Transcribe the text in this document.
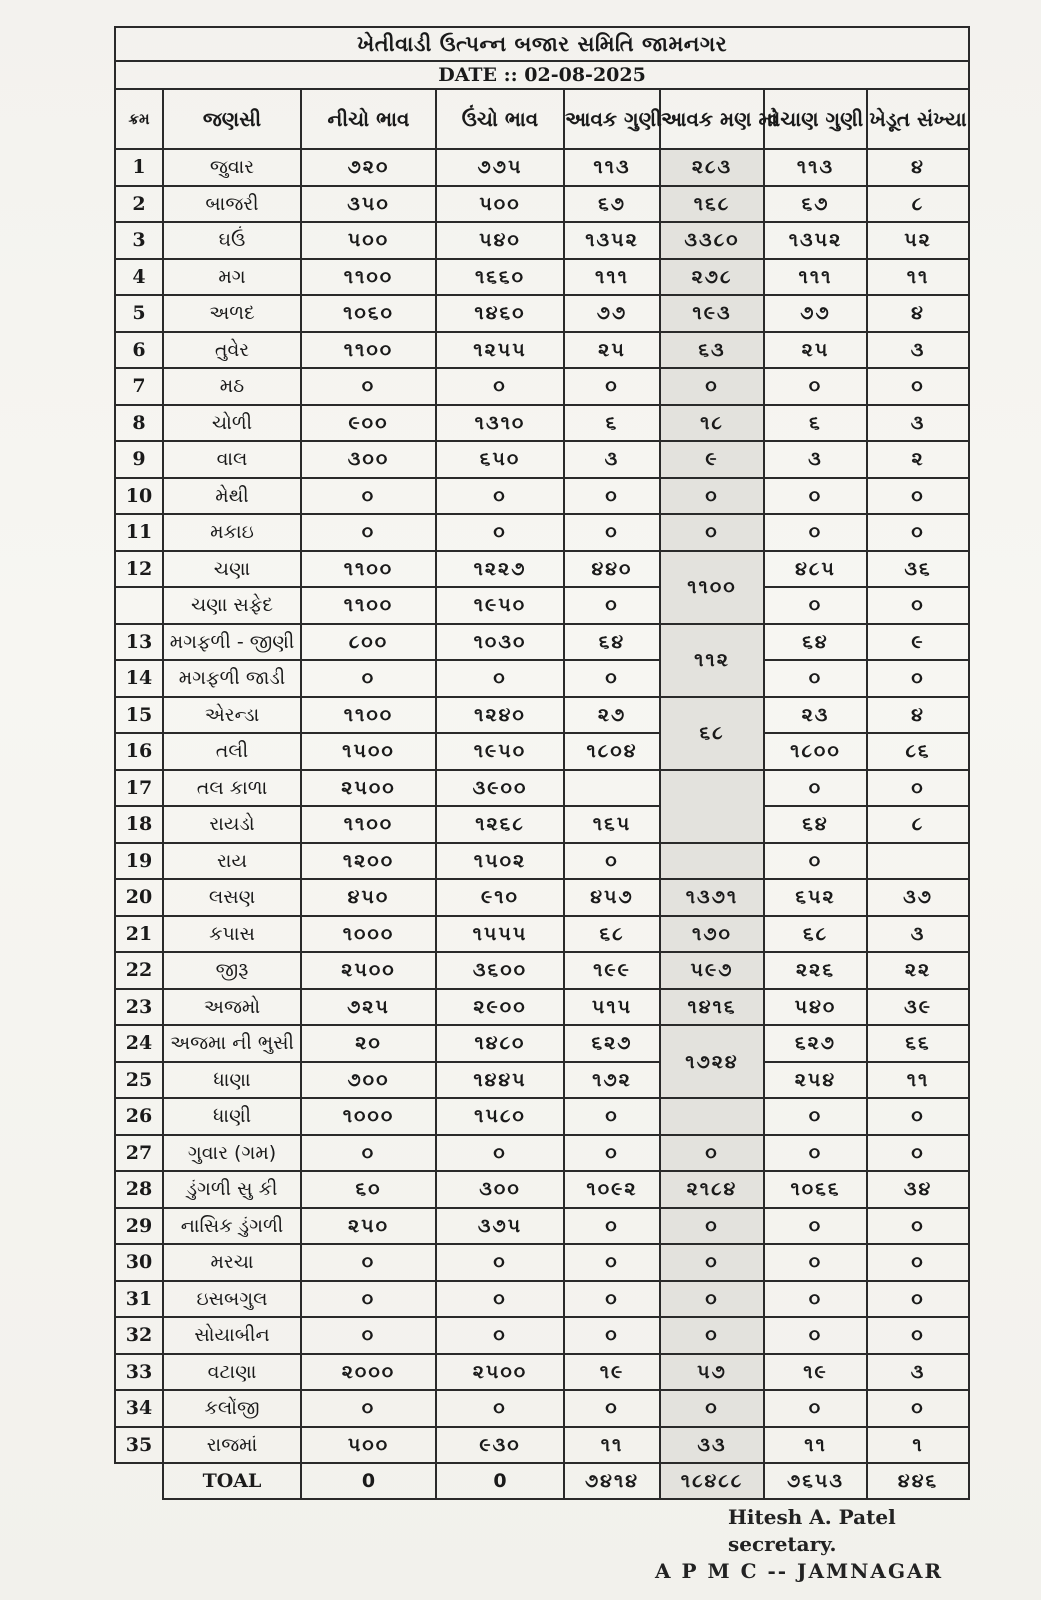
ખેતીવાડી ઉત્પન્ન બજાર સમિતિ જામનગર							
DATE :: 02-08-2025							
ક્રમ	જણસી	નીચો ભાવ	ઉંચો ભાવ	આવક ગુણી	આવક મણ માં	વેચાણ ગુણી	ખેડૂત સંખ્યા
1	જુવાર	૭૨૦	૭૭૫	૧૧૩	૨૮૩	૧૧૩	૪
2	બાજરી	૩૫૦	૫૦૦	૬૭	૧૬૮	૬૭	૮
3	ઘઉં	૫૦૦	૫૪૦	૧૩૫૨	૩૩૮૦	૧૩૫૨	૫૨
4	મગ	૧૧૦૦	૧૬૬૦	૧૧૧	૨૭૮	૧૧૧	૧૧
5	અળદ	૧૦૬૦	૧૪૬૦	૭૭	૧૯૩	૭૭	૪
6	તુવેર	૧૧૦૦	૧૨૫૫	૨૫	૬૩	૨૫	૩
7	મઠ	૦	૦	૦	૦	૦	૦
8	ચોળી	૯૦૦	૧૩૧૦	૬	૧૮	૬	૩
9	વાલ	૩૦૦	૬૫૦	૩	૯	૩	૨
10	મેથી	૦	૦	૦	૦	૦	૦
11	મકાઇ	૦	૦	૦	૦	૦	૦
12	ચણા	૧૧૦૦	૧૨૨૭	૪૪૦	૧૧૦૦	૪૮૫	૩૬
	ચણા સફેદ	૧૧૦૦	૧૯૫૦	૦		૦	૦
13	મગફળી - જીણી	૮૦૦	૧૦૩૦	૬૪	૧૧૨	૬૪	૯
14	મગફળી જાડી	૦	૦	૦		૦	૦
15	એરન્ડા	૧૧૦૦	૧૨૪૦	૨૭	૬૮	૨૩	૪
16	તલી	૧૫૦૦	૧૯૫૦	૧૮૦૪		૧૮૦૦	૮૬
17	તલ કાળા	૨૫૦૦	૩૯૦૦			૦	૦
18	રાયડો	૧૧૦૦	૧૨૬૮	૧૬૫		૬૪	૮
19	રાય	૧૨૦૦	૧૫૦૨	૦		૦	
20	લસણ	૪૫૦	૯૧૦	૪૫૭	૧૩૭૧	૬૫૨	૩૭
21	કપાસ	૧૦૦૦	૧૫૫૫	૬૮	૧૭૦	૬૮	૩
22	જીરૂ	૨૫૦૦	૩૬૦૦	૧૯૯	૫૯૭	૨૨૬	૨૨
23	અજમો	૭૨૫	૨૯૦૦	૫૧૫	૧૪૧૬	૫૪૦	૩૯
24	અજમા ની ભુસી	૨૦	૧૪૮૦	૬૨૭	૧૭૨૪	૬૨૭	૬૬
25	ધાણા	૭૦૦	૧૪૪૫	૧૭૨		૨૫૪	૧૧
26	ધાણી	૧૦૦૦	૧૫૮૦	૦		૦	૦
27	ગુવાર (ગમ)	૦	૦	૦	૦	૦	૦
28	ડુંગળી સુ કી	૬૦	૩૦૦	૧૦૯૨	૨૧૮૪	૧૦૬૬	૩૪
29	નાસિક ડુંગળી	૨૫૦	૩૭૫	૦	૦	૦	૦
30	મરચા	૦	૦	૦	૦	૦	૦
31	ઇસબગુલ	૦	૦	૦	૦	૦	૦
32	સોયાબીન	૦	૦	૦	૦	૦	૦
33	વટાણા	૨૦૦૦	૨૫૦૦	૧૯	૫૭	૧૯	૩
34	કલોંજી	૦	૦	૦	૦	૦	૦
35	રાજમાં	૫૦૦	૯૩૦	૧૧	૩૩	૧૧	૧
	TOAL	0	0	૭૪૧૪	૧૮૪૮૮	૭૬૫૩	૪૪૬
Hitesh A. Patel
secretary.
A P M C -- JAMNAGAR
